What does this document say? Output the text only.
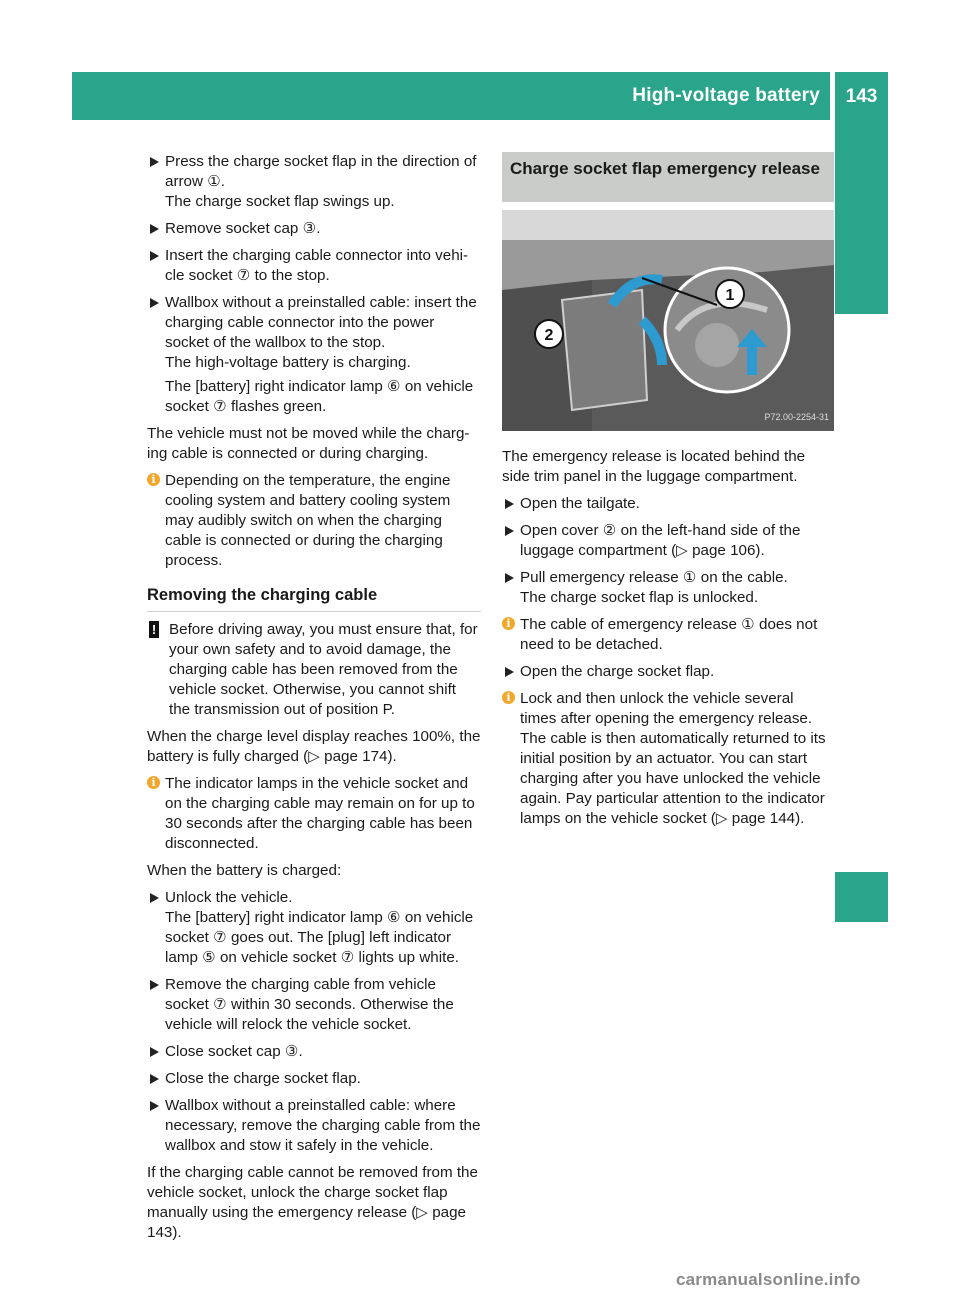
High-voltage battery	143
Driving and parking
Press the charge socket flap in the direction of arrow ①.
The charge socket flap swings up.
Remove socket cap ③.
Insert the charging cable connector into vehi-cle socket ⑦ to the stop.
Wallbox without a preinstalled cable: insert the charging cable connector into the power socket of the wallbox to the stop.
The high-voltage battery is charging.
The [battery] right indicator lamp ⑥ on vehicle socket ⑦ flashes green.

The vehicle must not be moved while the charg-ing cable is connected or during charging.

i Depending on the temperature, the engine cooling system and battery cooling system may audibly switch on when the charging cable is connected or during the charging process.
Removing the charging cable
! Before driving away, you must ensure that, for your own safety and to avoid damage, the charging cable has been removed from the vehicle socket. Otherwise, you cannot shift the transmission out of position P.

When the charge level display reaches 100%, the battery is fully charged (▷ page 174).

i The indicator lamps in the vehicle socket and on the charging cable may remain on for up to 30 seconds after the charging cable has been disconnected.

When the battery is charged:

Unlock the vehicle.
The [battery] right indicator lamp ⑥ on vehicle socket ⑦ goes out. The [plug] left indicator lamp ⑤ on vehicle socket ⑦ lights up white.
Remove the charging cable from vehicle socket ⑦ within 30 seconds. Otherwise the vehicle will relock the vehicle socket.
Close socket cap ③.
Close the charge socket flap.
Wallbox without a preinstalled cable: where necessary, remove the charging cable from the wallbox and stow it safely in the vehicle.

If the charging cable cannot be removed from the vehicle socket, unlock the charge socket flap manually using the emergency release (▷ page 143).

Charge socket flap emergency release
1
2
P72.00-2254-31

The emergency release is located behind the side trim panel in the luggage compartment.

Open the tailgate.
Open cover ② on the left-hand side of the luggage compartment (▷ page 106).
Pull emergency release ① on the cable.
The charge socket flap is unlocked.
i The cable of emergency release ① does not need to be detached.
Open the charge socket flap.
i Lock and then unlock the vehicle several times after opening the emergency release. The cable is then automatically returned to its initial position by an actuator. You can start charging after you have unlocked the vehicle again. Pay particular attention to the indicator lamps on the vehicle socket (▷ page 144).
carmanualsonline.info
